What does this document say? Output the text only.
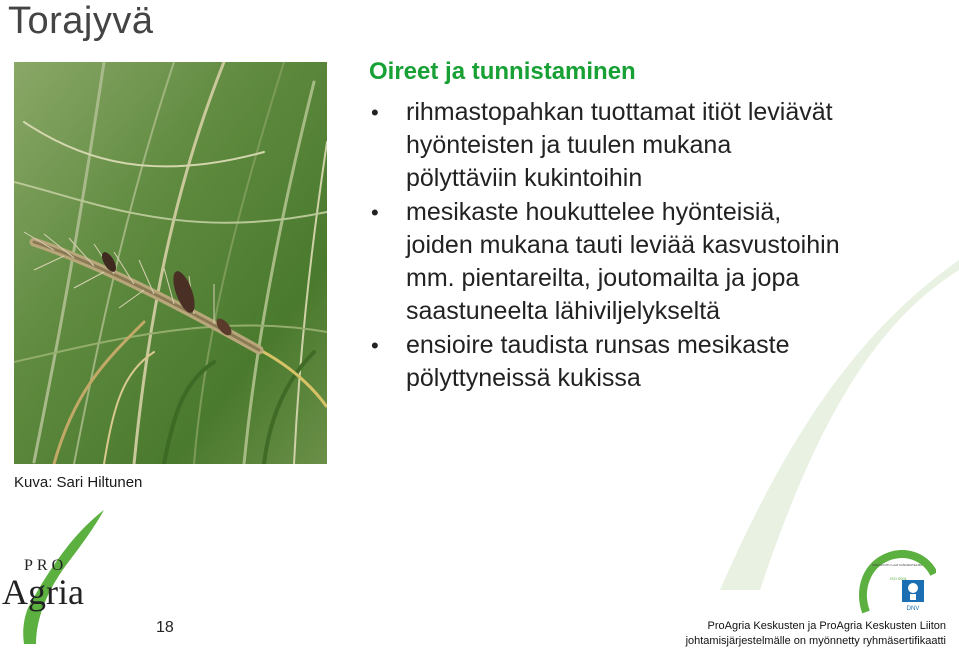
Torajyvä
Kuva: Sari Hiltunen
Oireet ja tunnistaminen
• rihmastopahkan tuottamat itiöt leviävät hyönteisten ja tuulen mukana pölyttäviin kukintoihin
• mesikaste houkuttelee hyönteisiä, joiden mukana tauti leviää kasvustoihin mm. pientareilta, joutomailta ja jopa saastuneelta lähiviljelykseltä
• ensioire taudista runsas mesikaste pölyttyneissä kukissa
PRO
Agria
18	ProAgria Keskusten ja ProAgria Keskusten Liiton
johtamisjärjestelmälle on myönnetty ryhmäsertifikaatti
DNV
ISO 9001
SERTIFIOITU LAATUJÄRJESTELMÄ
